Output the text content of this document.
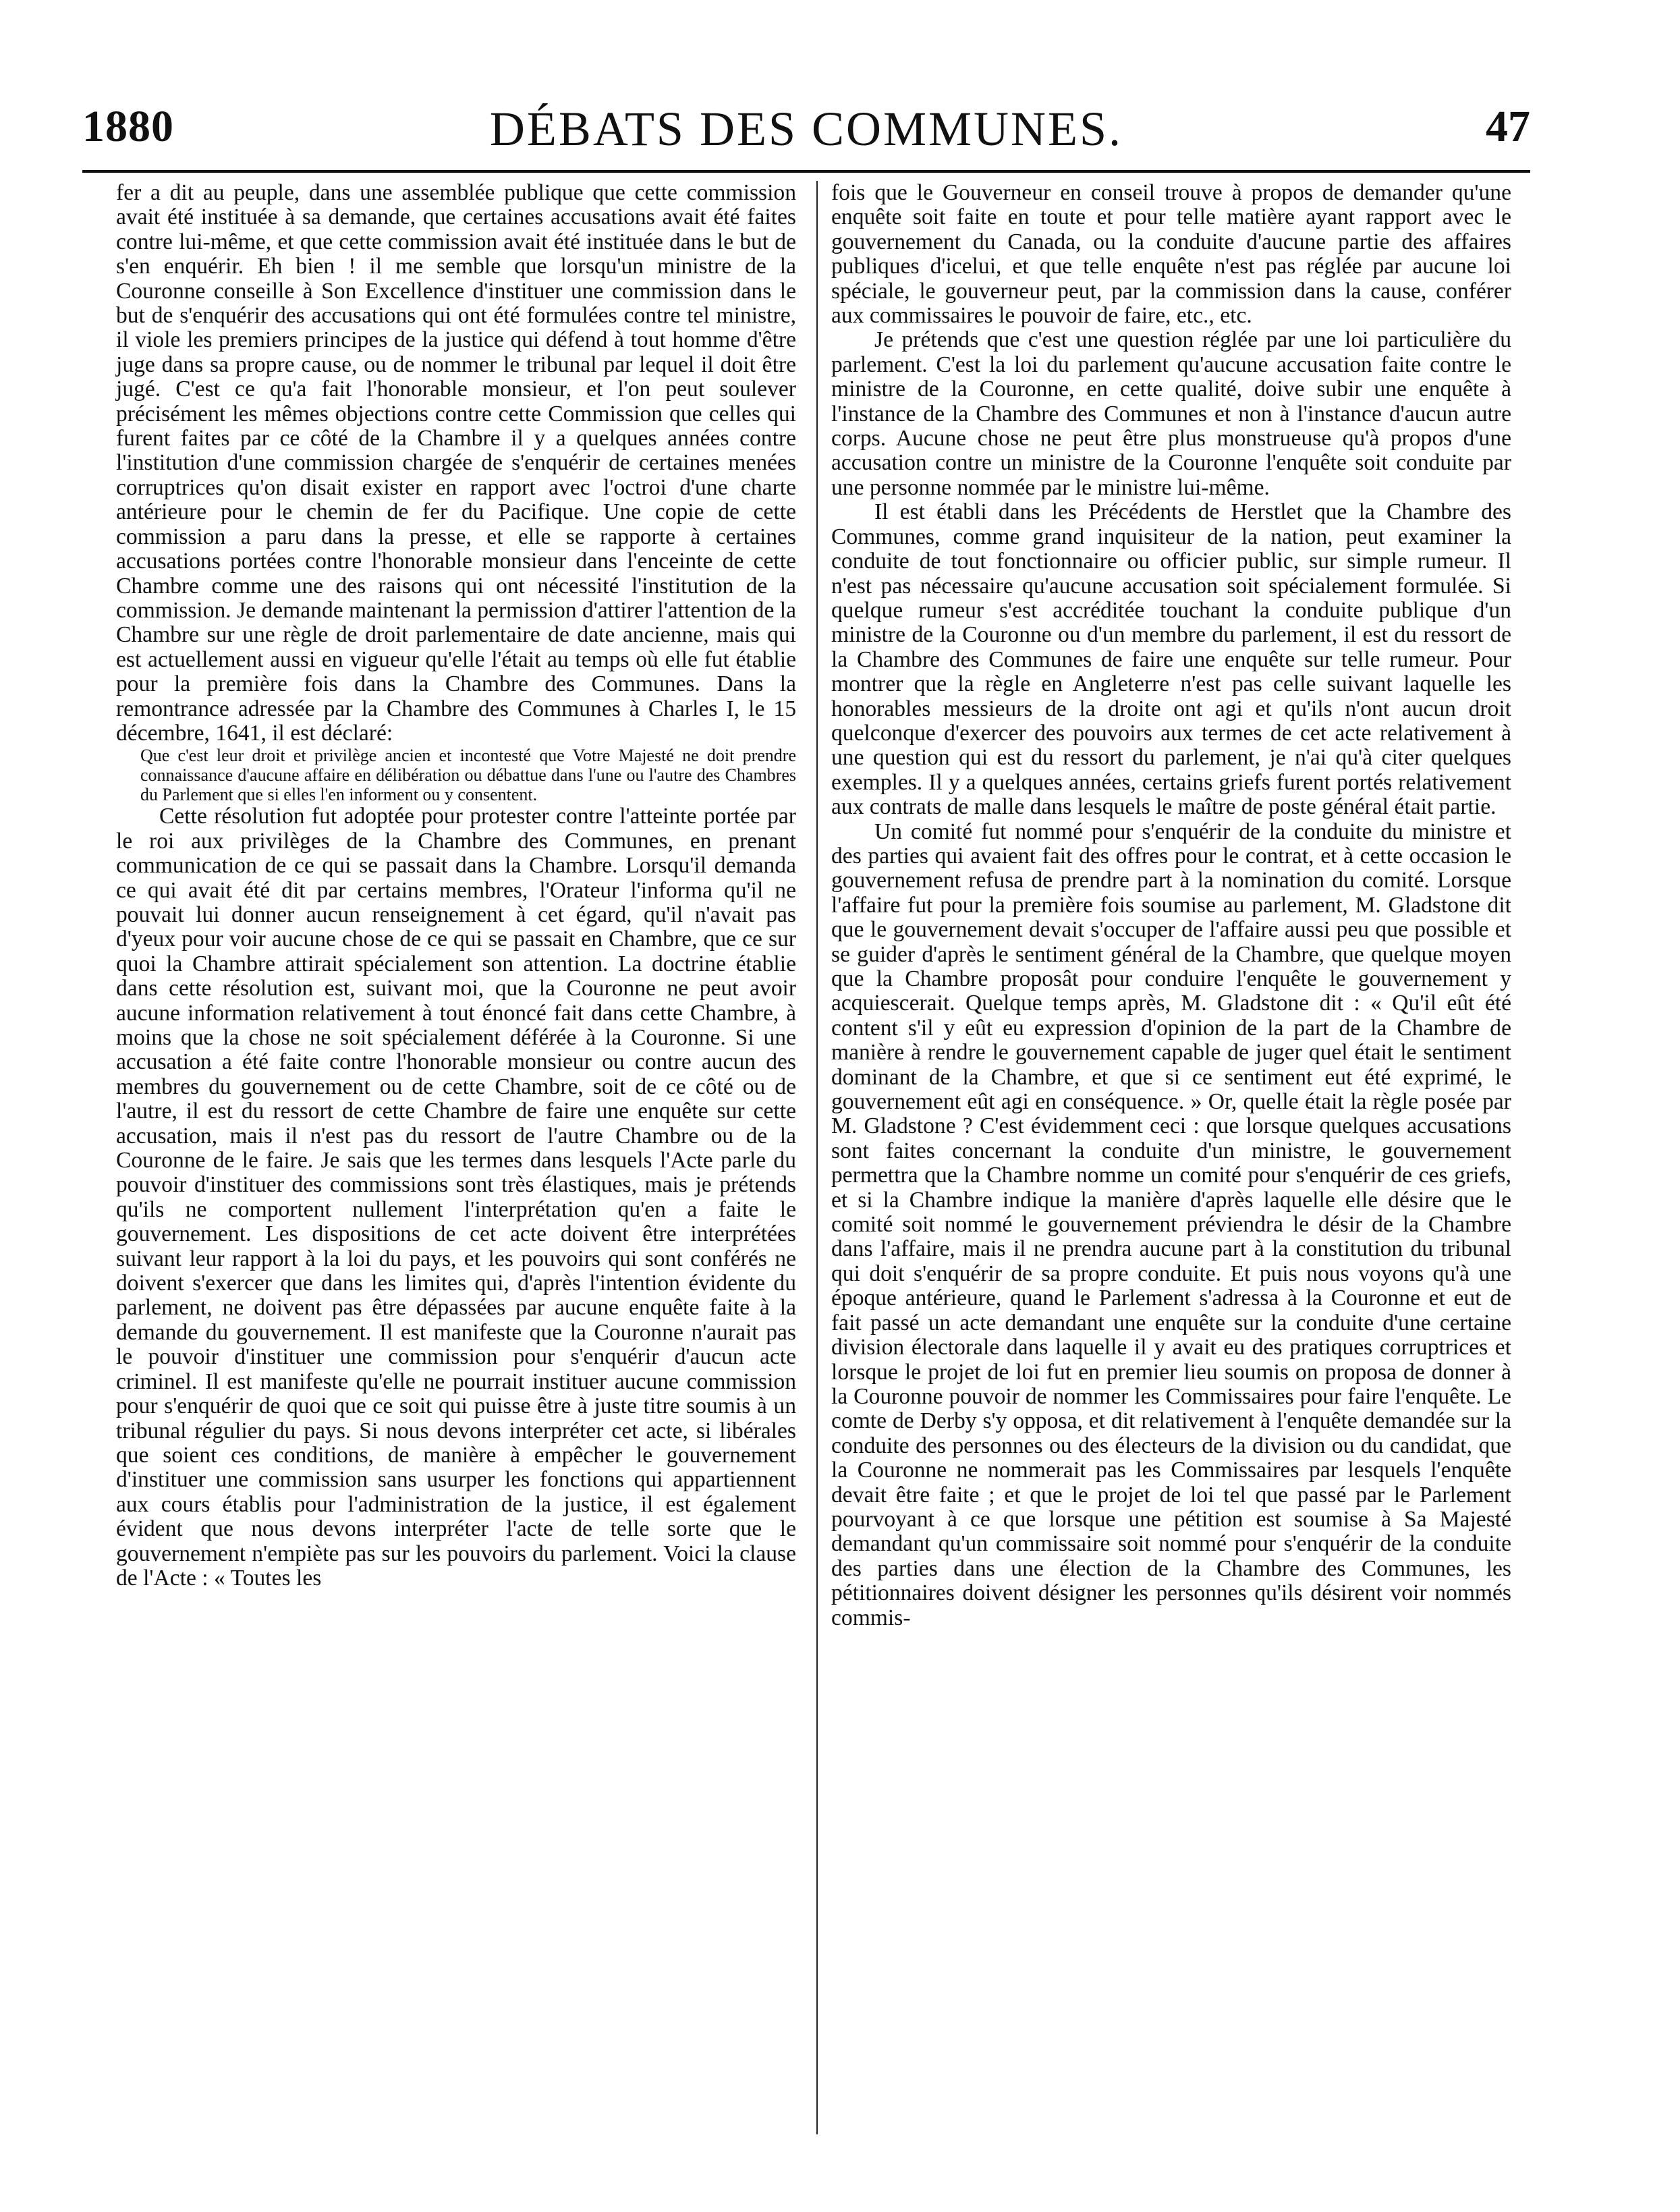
1880	DÉBATS DES COMMUNES.	47

fer a dit au peuple, dans une assemblée publique que cette commission avait été instituée à sa demande, que certaines accusations avait été faites contre lui-même, et que cette commission avait été instituée dans le but de s'en enquérir. Eh bien ! il me semble que lorsqu'un ministre de la Couronne conseille à Son Excellence d'instituer une commission dans le but de s'enquérir des accusations qui ont été formulées contre tel ministre, il viole les premiers principes de la justice qui défend à tout homme d'être juge dans sa propre cause, ou de nommer le tribunal par lequel il doit être jugé. C'est ce qu'a fait l'honorable monsieur, et l'on peut soulever précisément les mêmes objections contre cette Commission que celles qui furent faites par ce côté de la Chambre il y a quelques années contre l'institution d'une commission chargée de s'enquérir de certaines menées corruptrices qu'on disait exister en rapport avec l'octroi d'une charte antérieure pour le chemin de fer du Pacifique. Une copie de cette commission a paru dans la presse, et elle se rapporte à certaines accusations portées contre l'honorable monsieur dans l'enceinte de cette Chambre comme une des raisons qui ont nécessité l'institution de la commission. Je demande maintenant la permission d'attirer l'attention de la Chambre sur une règle de droit parlementaire de date ancienne, mais qui est actuellement aussi en vigueur qu'elle l'était au temps où elle fut établie pour la première fois dans la Chambre des Communes. Dans la remontrance adressée par la Chambre des Communes à Charles I, le 15 décembre, 1641, il est déclaré:

Que c'est leur droit et privilège ancien et incontesté que Votre Majesté ne doit prendre connaissance d'aucune affaire en délibération ou débattue dans l'une ou l'autre des Chambres du Parlement que si elles l'en informent ou y consentent.

Cette résolution fut adoptée pour protester contre l'atteinte portée par le roi aux privilèges de la Chambre des Communes, en prenant communication de ce qui se passait dans la Chambre. Lorsqu'il demanda ce qui avait été dit par certains membres, l'Orateur l'informa qu'il ne pouvait lui donner aucun renseignement à cet égard, qu'il n'avait pas d'yeux pour voir aucune chose de ce qui se passait en Chambre, que ce sur quoi la Chambre attirait spécialement son attention. La doctrine établie dans cette résolution est, suivant moi, que la Couronne ne peut avoir aucune information relativement à tout énoncé fait dans cette Chambre, à moins que la chose ne soit spécialement déférée à la Couronne. Si une accusation a été faite contre l'honorable monsieur ou contre aucun des membres du gouvernement ou de cette Chambre, soit de ce côté ou de l'autre, il est du ressort de cette Chambre de faire une enquête sur cette accusation, mais il n'est pas du ressort de l'autre Chambre ou de la Couronne de le faire. Je sais que les termes dans lesquels l'Acte parle du pouvoir d'instituer des commissions sont très élastiques, mais je prétends qu'ils ne comportent nullement l'interprétation qu'en a faite le gouvernement. Les dispositions de cet acte doivent être interprétées suivant leur rapport à la loi du pays, et les pouvoirs qui sont conférés ne doivent s'exercer que dans les limites qui, d'après l'intention évidente du parlement, ne doivent pas être dépassées par aucune enquête faite à la demande du gouvernement. Il est manifeste que la Couronne n'aurait pas le pouvoir d'instituer une commission pour s'enquérir d'aucun acte criminel. Il est manifeste qu'elle ne pourrait instituer aucune commission pour s'enquérir de quoi que ce soit qui puisse être à juste titre soumis à un tribunal régulier du pays. Si nous devons interpréter cet acte, si libérales que soient ces conditions, de manière à empêcher le gouvernement d'instituer une commission sans usurper les fonctions qui appartiennent aux cours établis pour l'administration de la justice, il est également évident que nous devons interpréter l'acte de telle sorte que le gouvernement n'empiète pas sur les pouvoirs du parlement. Voici la clause de l'Acte : « Toutes les

fois que le Gouverneur en conseil trouve à propos de demander qu'une enquête soit faite en toute et pour telle matière ayant rapport avec le gouvernement du Canada, ou la conduite d'aucune partie des affaires publiques d'icelui, et que telle enquête n'est pas réglée par aucune loi spéciale, le gouverneur peut, par la commission dans la cause, conférer aux commissaires le pouvoir de faire, etc., etc.

Je prétends que c'est une question réglée par une loi particulière du parlement. C'est la loi du parlement qu'aucune accusation faite contre le ministre de la Couronne, en cette qualité, doive subir une enquête à l'instance de la Chambre des Communes et non à l'instance d'aucun autre corps. Aucune chose ne peut être plus monstrueuse qu'à propos d'une accusation contre un ministre de la Couronne l'enquête soit conduite par une personne nommée par le ministre lui-même.

Il est établi dans les Précédents de Herstlet que la Chambre des Communes, comme grand inquisiteur de la nation, peut examiner la conduite de tout fonctionnaire ou officier public, sur simple rumeur. Il n'est pas nécessaire qu'aucune accusation soit spécialement formulée. Si quelque rumeur s'est accréditée touchant la conduite publique d'un ministre de la Couronne ou d'un membre du parlement, il est du ressort de la Chambre des Communes de faire une enquête sur telle rumeur. Pour montrer que la règle en Angleterre n'est pas celle suivant laquelle les honorables messieurs de la droite ont agi et qu'ils n'ont aucun droit quelconque d'exercer des pouvoirs aux termes de cet acte relativement à une question qui est du ressort du parlement, je n'ai qu'à citer quelques exemples. Il y a quelques années, certains griefs furent portés relativement aux contrats de malle dans lesquels le maître de poste général était partie.

Un comité fut nommé pour s'enquérir de la conduite du ministre et des parties qui avaient fait des offres pour le contrat, et à cette occasion le gouvernement refusa de prendre part à la nomination du comité. Lorsque l'affaire fut pour la première fois soumise au parlement, M. Gladstone dit que le gouvernement devait s'occuper de l'affaire aussi peu que possible et se guider d'après le sentiment général de la Chambre, que quelque moyen que la Chambre proposât pour conduire l'enquête le gouvernement y acquiescerait. Quelque temps après, M. Gladstone dit : « Qu'il eût été content s'il y eût eu expression d'opinion de la part de la Chambre de manière à rendre le gouvernement capable de juger quel était le sentiment dominant de la Chambre, et que si ce sentiment eut été exprimé, le gouvernement eût agi en conséquence. » Or, quelle était la règle posée par M. Gladstone ? C'est évidemment ceci : que lorsque quelques accusations sont faites concernant la conduite d'un ministre, le gouvernement permettra que la Chambre nomme un comité pour s'enquérir de ces griefs, et si la Chambre indique la manière d'après laquelle elle désire que le comité soit nommé le gouvernement préviendra le désir de la Chambre dans l'affaire, mais il ne prendra aucune part à la constitution du tribunal qui doit s'enquérir de sa propre conduite. Et puis nous voyons qu'à une époque antérieure, quand le Parlement s'adressa à la Couronne et eut de fait passé un acte demandant une enquête sur la conduite d'une certaine division électorale dans laquelle il y avait eu des pratiques corruptrices et lorsque le projet de loi fut en premier lieu soumis on proposa de donner à la Couronne pouvoir de nommer les Commissaires pour faire l'enquête. Le comte de Derby s'y opposa, et dit relativement à l'enquête demandée sur la conduite des personnes ou des électeurs de la division ou du candidat, que la Couronne ne nommerait pas les Commissaires par lesquels l'enquête devait être faite ; et que le projet de loi tel que passé par le Parlement pourvoyant à ce que lorsque une pétition est soumise à Sa Majesté demandant qu'un commissaire soit nommé pour s'enquérir de la conduite des parties dans une élection de la Chambre des Communes, les pétitionnaires doivent désigner les personnes qu'ils désirent voir nommés commis-
